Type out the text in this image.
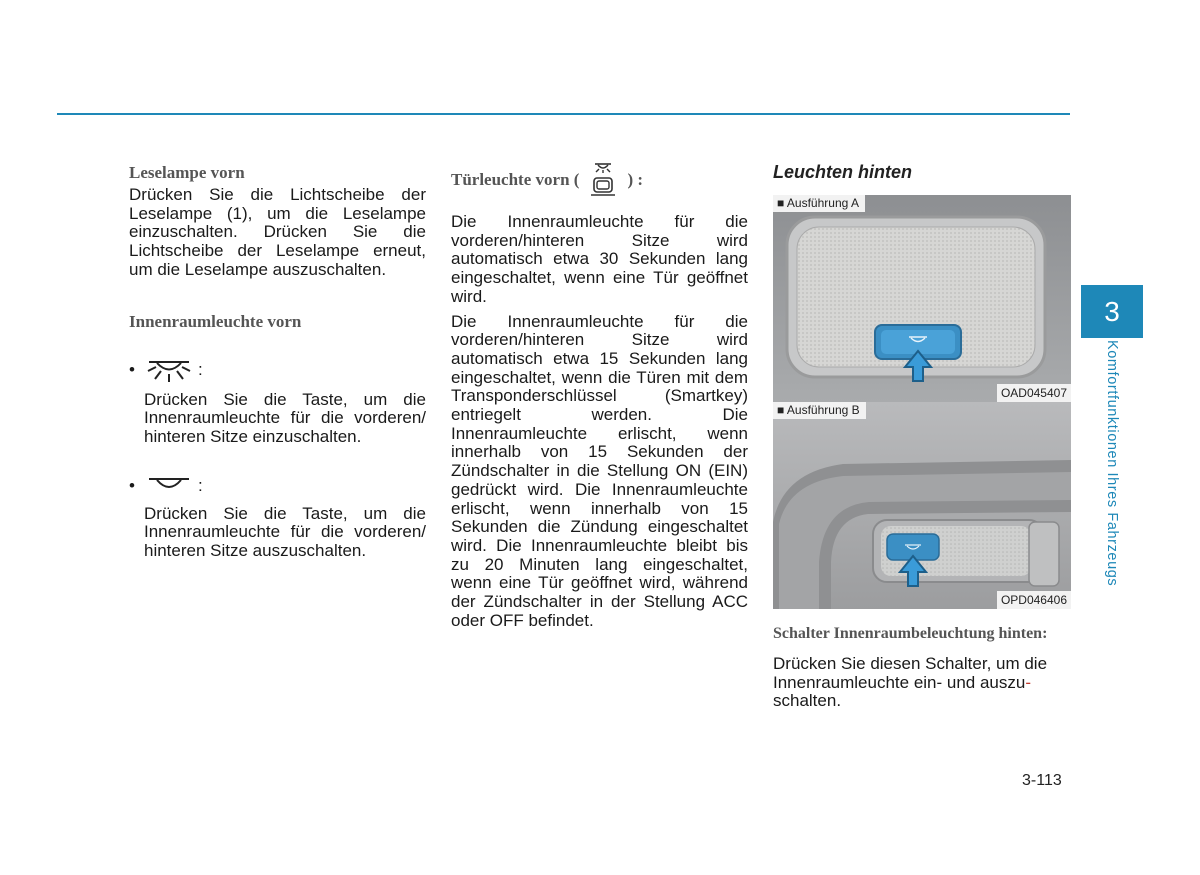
Leselampe vorn

Drücken Sie die Lichtscheibe der Leselampe (1), um die Leselampe einzuschalten. Drücken Sie die Lichtscheibe der Leselampe erneut, um die Leselampe auszuschalten.

Innenraumleuchte vorn

•	:

Drücken Sie die Taste, um die Innenraumleuchte für die vorderen/ hinteren Sitze einzuschalten.

•	:

Drücken Sie die Taste, um die Innenraumleuchte für die vorderen/ hinteren Sitze auszuschalten.

Türleuchte vorn (	) :

Die Innenraumleuchte für die vorderen/hinteren Sitze wird automatisch etwa 30 Sekunden lang eingeschaltet, wenn eine Tür geöffnet wird.

Die Innenraumleuchte für die vorderen/hinteren Sitze wird automatisch etwa 15 Sekunden lang eingeschaltet, wenn die Türen mit dem Transponderschlüssel (Smartkey) entriegelt werden. Die Innenraumleuchte erlischt, wenn innerhalb von 15 Sekunden der Zündschalter in die Stellung ON (EIN) gedrückt wird. Die Innenraumleuchte erlischt, wenn innerhalb von 15 Sekunden die Zündung eingeschaltet wird. Die Innenraumleuchte bleibt bis zu 20 Minuten lang eingeschaltet, wenn eine Tür geöffnet wird, während der Zündschalter in der Stellung ACC oder OFF befindet.

Leuchten hinten

■ Ausführung A
OAD045407
■ Ausführung B
OPD046406

Schalter Innenraumbeleuchtung hinten:

Drücken Sie diesen Schalter, um die Innenraumleuchte ein- und auszu- schalten.

3
Komfortfunktionen Ihres Fahrzeugs
3-113
